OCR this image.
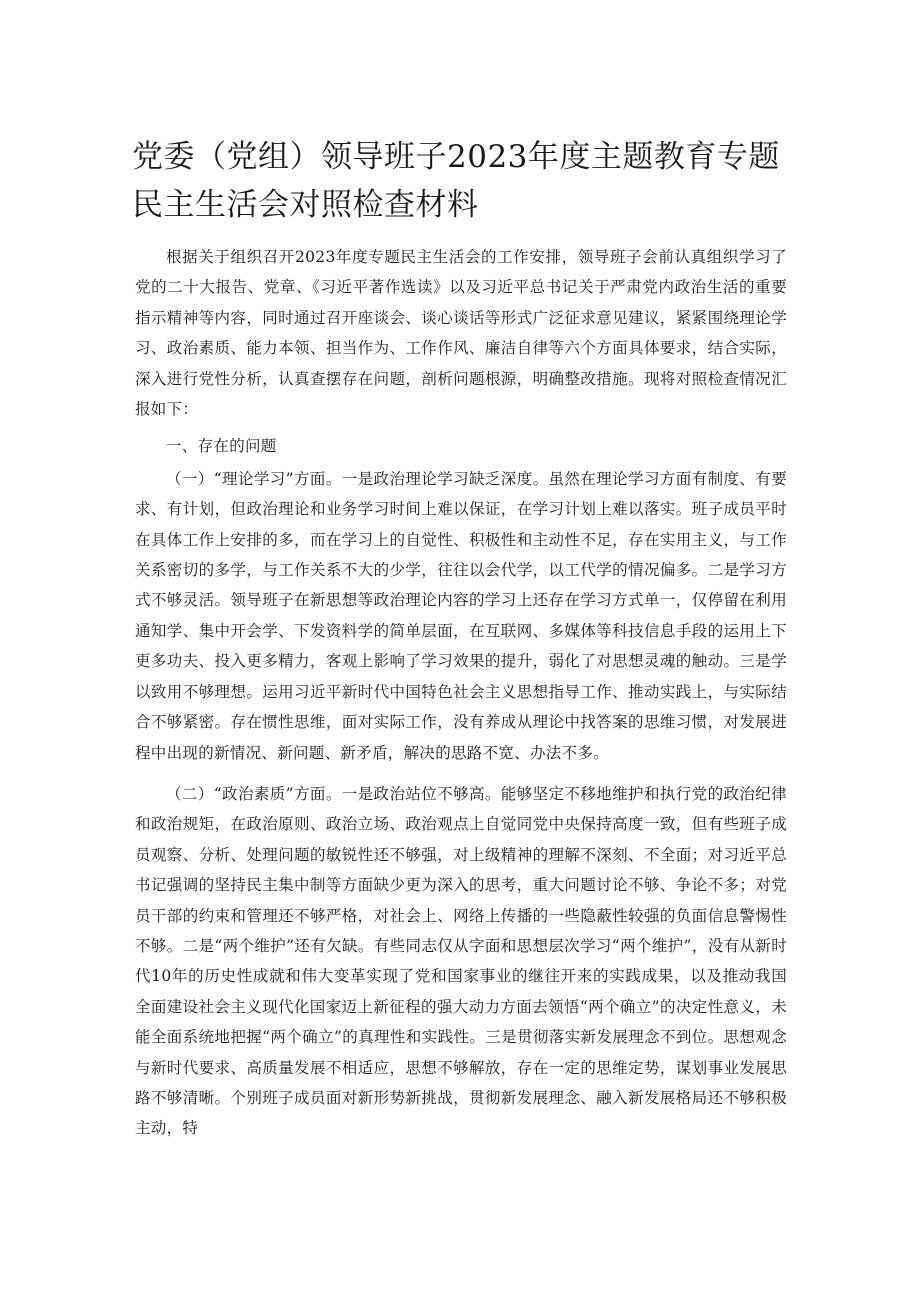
党委（党组）领导班子2023年度主题教育专题民主生活会对照检查材料

根据关于组织召开2023年度专题民主生活会的工作安排，领导班子会前认真组织学习了党的二十大报告、党章、《习近平著作选读》以及习近平总书记关于严肃党内政治生活的重要指示精神等内容，同时通过召开座谈会、谈心谈话等形式广泛征求意见建议，紧紧围绕理论学习、政治素质、能力本领、担当作为、工作作风、廉洁自律等六个方面具体要求，结合实际，深入进行党性分析，认真查摆存在问题，剖析问题根源，明确整改措施。现将对照检查情况汇报如下：

一、存在的问题

（一）“理论学习”方面。一是政治理论学习缺乏深度。虽然在理论学习方面有制度、有要求、有计划，但政治理论和业务学习时间上难以保证，在学习计划上难以落实。班子成员平时在具体工作上安排的多，而在学习上的自觉性、积极性和主动性不足，存在实用主义，与工作关系密切的多学，与工作关系不大的少学，往往以会代学，以工代学的情况偏多。二是学习方式不够灵活。领导班子在新思想等政治理论内容的学习上还存在学习方式单一，仅停留在利用通知学、集中开会学、下发资料学的简单层面，在互联网、多媒体等科技信息手段的运用上下更多功夫、投入更多精力，客观上影响了学习效果的提升，弱化了对思想灵魂的触动。三是学以致用不够理想。运用习近平新时代中国特色社会主义思想指导工作、推动实践上，与实际结合不够紧密。存在惯性思维，面对实际工作，没有养成从理论中找答案的思维习惯，对发展进程中出现的新情况、新问题、新矛盾，解决的思路不宽、办法不多。

（二）“政治素质”方面。一是政治站位不够高。能够坚定不移地维护和执行党的政治纪律和政治规矩，在政治原则、政治立场、政治观点上自觉同党中央保持高度一致，但有些班子成员观察、分析、处理问题的敏锐性还不够强，对上级精神的理解不深刻、不全面；对习近平总书记强调的坚持民主集中制等方面缺少更为深入的思考，重大问题讨论不够、争论不多；对党员干部的约束和管理还不够严格，对社会上、网络上传播的一些隐蔽性较强的负面信息警惕性不够。二是“两个维护”还有欠缺。有些同志仅从字面和思想层次学习“两个维护”，没有从新时代10年的历史性成就和伟大变革实现了党和国家事业的继往开来的实践成果，以及推动我国全面建设社会主义现代化国家迈上新征程的强大动力方面去领悟“两个确立”的决定性意义，未能全面系统地把握“两个确立”的真理性和实践性。三是贯彻落实新发展理念不到位。思想观念与新时代要求、高质量发展不相适应，思想不够解放，存在一定的思维定势，谋划事业发展思路不够清晰。个别班子成员面对新形势新挑战，贯彻新发展理念、融入新发展格局还不够积极主动，特
